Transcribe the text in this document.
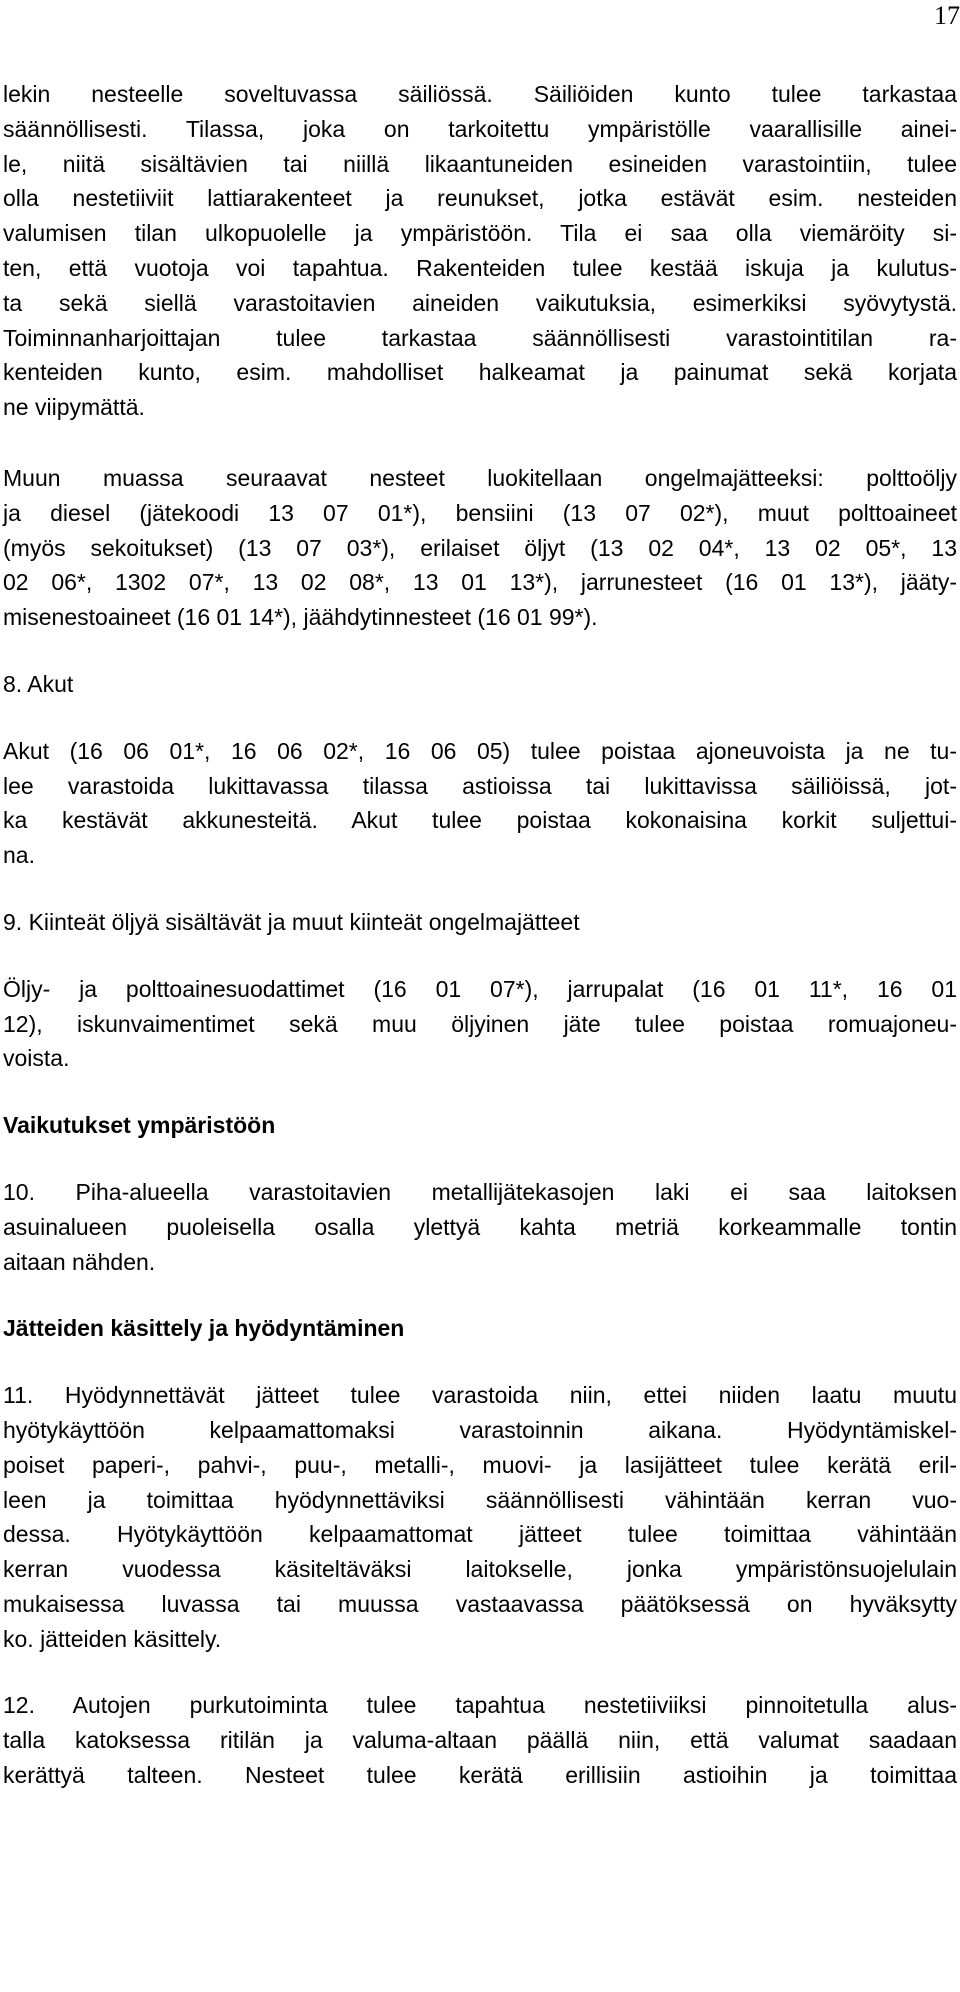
17
lekin nesteelle soveltuvassa säiliössä. Säiliöiden kunto tulee tarkastaa
säännöllisesti. Tilassa, joka on tarkoitettu ympäristölle vaarallisille ainei-
le, niitä sisältävien tai niillä likaantuneiden esineiden varastointiin, tulee
olla nestetiiviit lattiarakenteet ja reunukset, jotka estävät esim. nesteiden
valumisen tilan ulkopuolelle ja ympäristöön. Tila ei saa olla viemäröity si-
ten, että vuotoja voi tapahtua. Rakenteiden tulee kestää iskuja ja kulutus-
ta sekä siellä varastoitavien aineiden vaikutuksia, esimerkiksi syövytystä.
Toiminnanharjoittajan tulee tarkastaa säännöllisesti varastointitilan ra-
kenteiden kunto, esim. mahdolliset halkeamat ja painumat sekä korjata
ne viipymättä.
Muun muassa seuraavat nesteet luokitellaan ongelmajätteeksi: polttoöljy
ja diesel (jätekoodi 13 07 01*), bensiini (13 07 02*), muut polttoaineet
(myös sekoitukset) (13 07 03*), erilaiset öljyt (13 02 04*, 13 02 05*, 13
02 06*, 1302 07*, 13 02 08*, 13 01 13*), jarrunesteet (16 01 13*), jääty-
misenestoaineet (16 01 14*), jäähdytinnesteet (16 01 99*).
8. Akut
Akut (16 06 01*, 16 06 02*, 16 06 05) tulee poistaa ajoneuvoista ja ne tu-
lee varastoida lukittavassa tilassa astioissa tai lukittavissa säiliöissä, jot-
ka kestävät akkunesteitä. Akut tulee poistaa kokonaisina korkit suljettui-
na.
9. Kiinteät öljyä sisältävät ja muut kiinteät ongelmajätteet
Öljy- ja polttoainesuodattimet (16 01 07*), jarrupalat (16 01 11*, 16 01
12), iskunvaimentimet sekä muu öljyinen jäte tulee poistaa romuajoneu-
voista.
Vaikutukset ympäristöön
10. Piha-alueella varastoitavien metallijätekasojen laki ei saa laitoksen
asuinalueen puoleisella osalla ylettyä kahta metriä korkeammalle tontin
aitaan nähden.
Jätteiden käsittely ja hyödyntäminen
11. Hyödynnettävät jätteet tulee varastoida niin, ettei niiden laatu muutu
hyötykäyttöön kelpaamattomaksi varastoinnin aikana. Hyödyntämiskel-
poiset paperi-, pahvi-, puu-, metalli-, muovi- ja lasijätteet tulee kerätä eril-
leen ja toimittaa hyödynnettäviksi säännöllisesti vähintään kerran vuo-
dessa. Hyötykäyttöön kelpaamattomat jätteet tulee toimittaa vähintään
kerran vuodessa käsiteltäväksi laitokselle, jonka ympäristönsuojelulain
mukaisessa luvassa tai muussa vastaavassa päätöksessä on hyväksytty
ko. jätteiden käsittely.
12. Autojen purkutoiminta tulee tapahtua nestetiiviiksi pinnoitetulla alus-
talla katoksessa ritilän ja valuma-altaan päällä niin, että valumat saadaan
kerättyä talteen. Nesteet tulee kerätä erillisiin astioihin ja toimittaa
